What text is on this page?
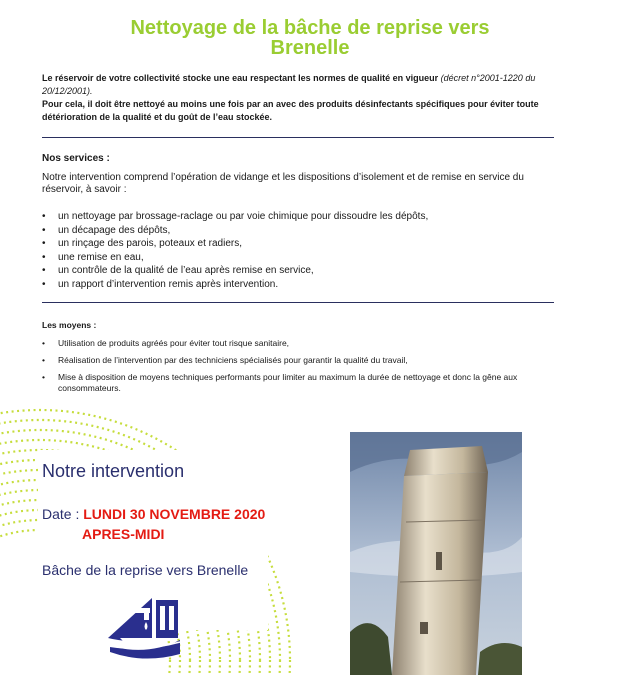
Nettoyage de la bâche de reprise vers
Brenelle
Le réservoir de votre collectivité stocke une eau respectant les normes de qualité en vigueur (décret n°2001-1220 du
20/12/2001).
Pour cela, il doit être nettoyé au moins une fois par an avec des produits désinfectants spécifiques pour éviter toute détérioration de la qualité et du goût de l’eau stockée.
Nos services :
Notre intervention comprend l’opération de vidange et les dispositions d’isolement et de remise en service du réservoir, à savoir :
• un nettoyage par brossage-raclage ou par voie chimique pour dissoudre les dépôts,
• un décapage des dépôts,
• un rinçage des parois, poteaux et radiers,
• une remise en eau,
• un contrôle de la qualité de l’eau après remise en service,
• un rapport d’intervention remis après intervention.
Les moyens :
• Utilisation de produits agréés pour éviter tout risque sanitaire,
• Réalisation de l’intervention par des techniciens spécialisés pour garantir la qualité du travail,
• Mise à disposition de moyens techniques performants pour limiter au maximum la durée de nettoyage et donc la gêne aux consommateurs.
Notre intervention
Date : LUNDI 30 NOVEMBRE 2020
APRES-MIDI
Bâche de la reprise vers Brenelle
